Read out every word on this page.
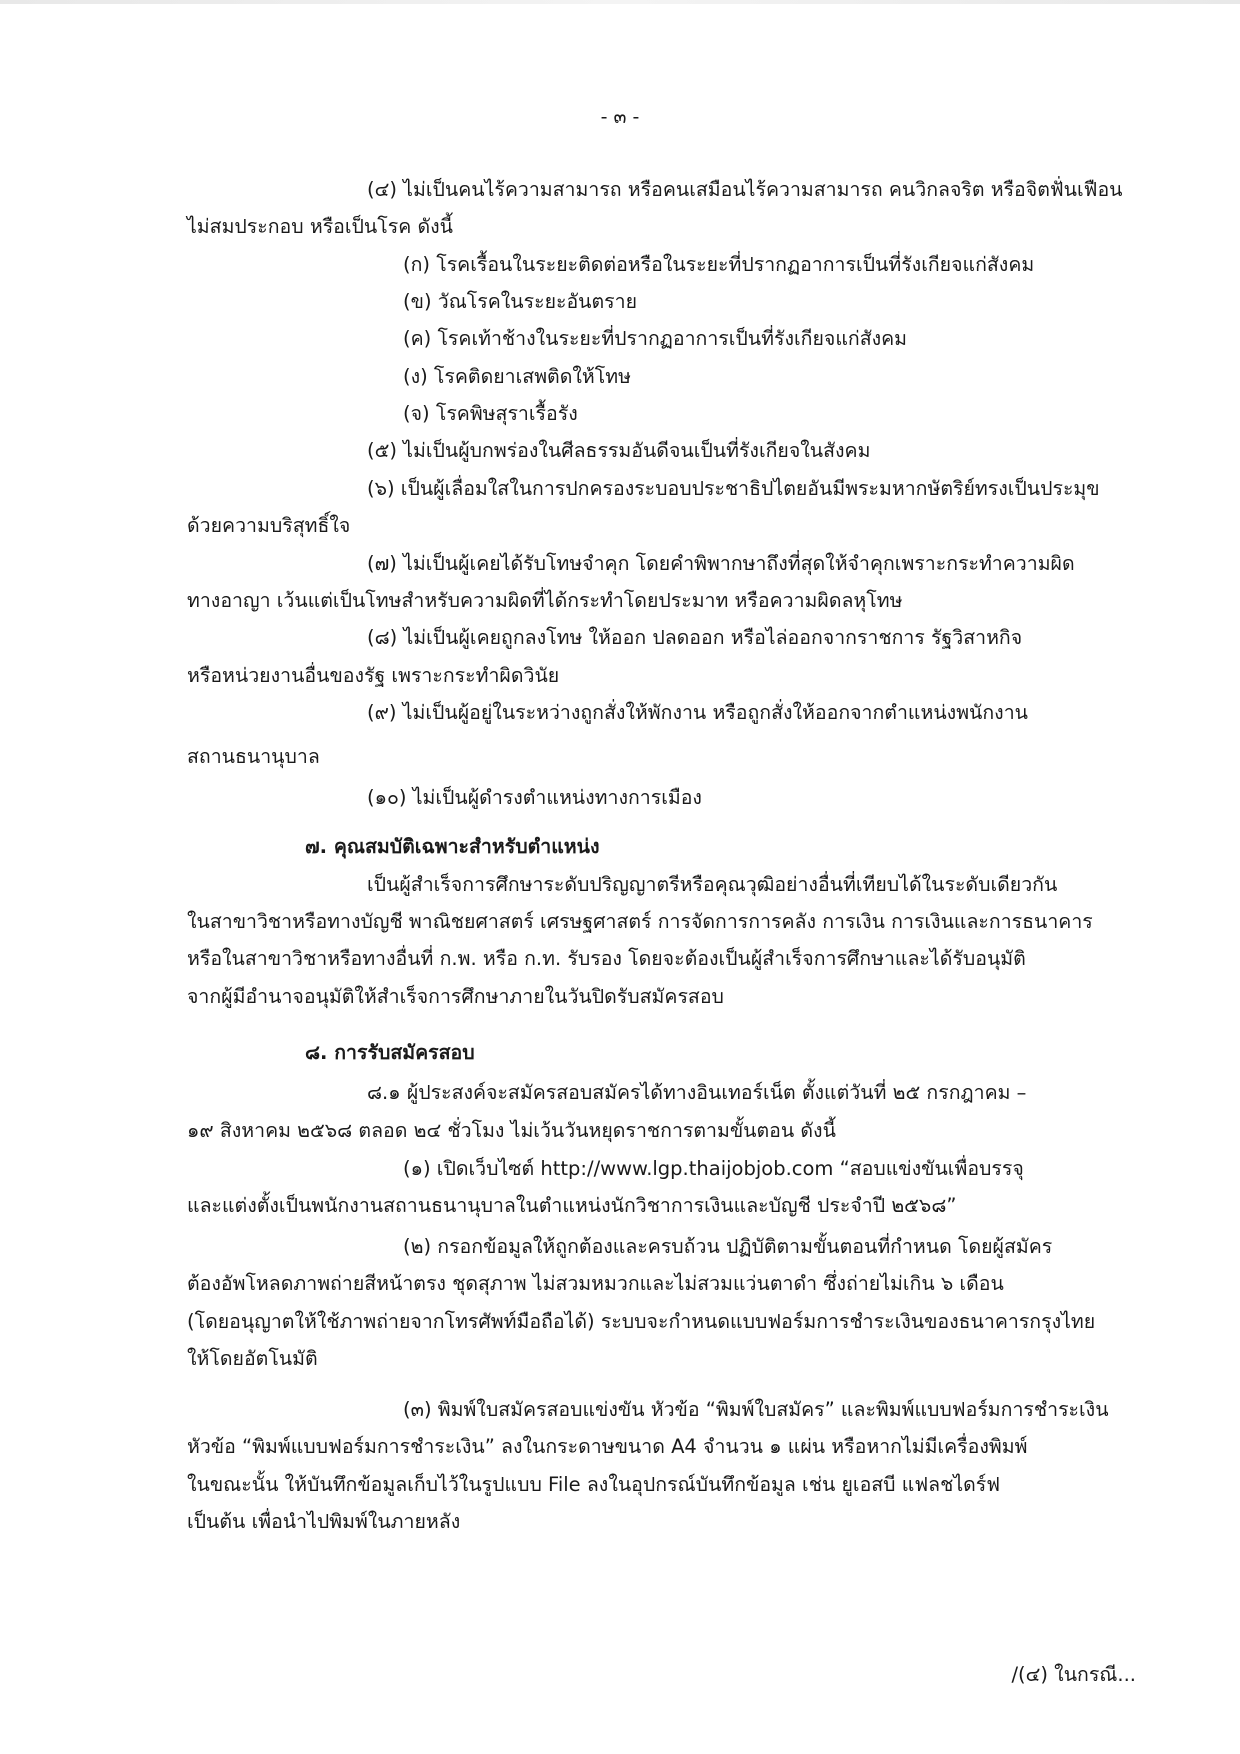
- ๓ -
(๔) ไม่เป็นคนไร้ความสามารถ หรือคนเสมือนไร้ความสามารถ คนวิกลจริต หรือจิตฟั่นเฟือน
ไม่สมประกอบ หรือเป็นโรค ดังนี้
(ก) โรคเรื้อนในระยะติดต่อหรือในระยะที่ปรากฏอาการเป็นที่รังเกียจแก่สังคม
(ข) วัณโรคในระยะอันตราย
(ค) โรคเท้าช้างในระยะที่ปรากฏอาการเป็นที่รังเกียจแก่สังคม
(ง) โรคติดยาเสพติดให้โทษ
(จ) โรคพิษสุราเรื้อรัง
(๕) ไม่เป็นผู้บกพร่องในศีลธรรมอันดีจนเป็นที่รังเกียจในสังคม
(๖) เป็นผู้เลื่อมใสในการปกครองระบอบประชาธิปไตยอันมีพระมหากษัตริย์ทรงเป็นประมุข
ด้วยความบริสุทธิ์ใจ
(๗) ไม่เป็นผู้เคยได้รับโทษจำคุก โดยคำพิพากษาถึงที่สุดให้จำคุกเพราะกระทำความผิด
ทางอาญา เว้นแต่เป็นโทษสำหรับความผิดที่ได้กระทำโดยประมาท หรือความผิดลหุโทษ
(๘) ไม่เป็นผู้เคยถูกลงโทษ ให้ออก ปลดออก หรือไล่ออกจากราชการ รัฐวิสาหกิจ
หรือหน่วยงานอื่นของรัฐ เพราะกระทำผิดวินัย
(๙) ไม่เป็นผู้อยู่ในระหว่างถูกสั่งให้พักงาน หรือถูกสั่งให้ออกจากตำแหน่งพนักงาน
สถานธนานุบาล
(๑๐) ไม่เป็นผู้ดำรงตำแหน่งทางการเมือง
๗. คุณสมบัติเฉพาะสำหรับตำแหน่ง
เป็นผู้สำเร็จการศึกษาระดับปริญญาตรีหรือคุณวุฒิอย่างอื่นที่เทียบได้ในระดับเดียวกัน
ในสาขาวิชาหรือทางบัญชี พาณิชยศาสตร์ เศรษฐศาสตร์ การจัดการการคลัง การเงิน การเงินและการธนาคาร
หรือในสาขาวิชาหรือทางอื่นที่ ก.พ. หรือ ก.ท. รับรอง โดยจะต้องเป็นผู้สำเร็จการศึกษาและได้รับอนุมัติ
จากผู้มีอำนาจอนุมัติให้สำเร็จการศึกษาภายในวันปิดรับสมัครสอบ
๘. การรับสมัครสอบ
๘.๑ ผู้ประสงค์จะสมัครสอบสมัครได้ทางอินเทอร์เน็ต ตั้งแต่วันที่ ๒๕ กรกฎาคม –
๑๙ สิงหาคม ๒๕๖๘ ตลอด ๒๔ ชั่วโมง ไม่เว้นวันหยุดราชการตามขั้นตอน ดังนี้
(๑) เปิดเว็บไซต์ http://www.lgp.thaijobjob.com “สอบแข่งขันเพื่อบรรจุ
และแต่งตั้งเป็นพนักงานสถานธนานุบาลในตำแหน่งนักวิชาการเงินและบัญชี ประจำปี ๒๕๖๘”
(๒) กรอกข้อมูลให้ถูกต้องและครบถ้วน ปฏิบัติตามขั้นตอนที่กำหนด โดยผู้สมัคร
ต้องอัพโหลดภาพถ่ายสีหน้าตรง ชุดสุภาพ ไม่สวมหมวกและไม่สวมแว่นตาดำ ซึ่งถ่ายไม่เกิน ๖ เดือน
(โดยอนุญาตให้ใช้ภาพถ่ายจากโทรศัพท์มือถือได้) ระบบจะกำหนดแบบฟอร์มการชำระเงินของธนาคารกรุงไทย
ให้โดยอัตโนมัติ
(๓) พิมพ์ใบสมัครสอบแข่งขัน หัวข้อ “พิมพ์ใบสมัคร” และพิมพ์แบบฟอร์มการชำระเงิน
หัวข้อ “พิมพ์แบบฟอร์มการชำระเงิน” ลงในกระดาษขนาด A4 จำนวน ๑ แผ่น หรือหากไม่มีเครื่องพิมพ์
ในขณะนั้น ให้บันทึกข้อมูลเก็บไว้ในรูปแบบ File ลงในอุปกรณ์บันทึกข้อมูล เช่น ยูเอสบี แฟลชไดร์ฟ
เป็นต้น เพื่อนำไปพิมพ์ในภายหลัง
/(๔) ในกรณี...
